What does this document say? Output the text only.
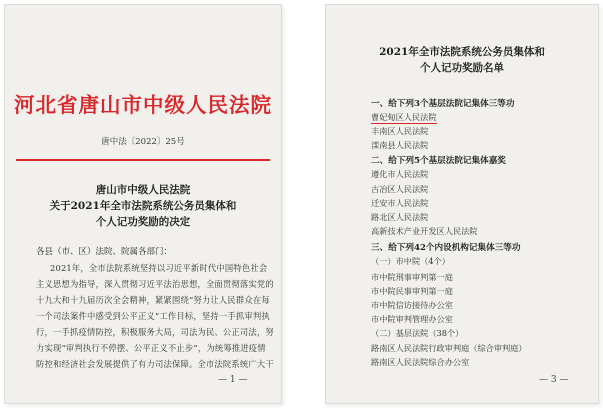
河北省唐山市中级人民法院
唐中法〔2022〕25号
唐山市中级人民法院
关于2021年全市法院系统公务员集体和
个人记功奖励的决定
各县（市、区）法院、院属各部门：
2021年，全市法院系统坚持以习近平新时代中国特色社会
主义思想为指导，深入贯彻习近平法治思想，全面贯彻落实党的
十九大和十九届历次全会精神，紧紧围绕“努力让人民群众在每
一个司法案件中感受到公平正义”工作目标，坚持一手抓审判执
行，一手抓疫情防控，积极服务大局，司法为民、公正司法，努
力实现“审判执行不停摆、公平正义不止步”，为统筹推进疫情
防控和经济社会发展提供了有力司法保障。全市法院系统广大干
— 1 —
2021年全市法院系统公务员集体和
个人记功奖励名单
一、给下列3个基层法院记集体三等功
曹妃甸区人民法院
丰南区人民法院
滦南县人民法院
二、给下列5个基层法院记集体嘉奖
遵化市人民法院
古冶区人民法院
迁安市人民法院
路北区人民法院
高新技术产业开发区人民法院
三、给下列42个内设机构记集体三等功
（一）市中院（4个）
市中院刑事审判第一庭
市中院民事审判第一庭
市中院信访接待办公室
市中院审判管理办公室
（二）基层法院（38个）
路南区人民法院行政审判庭（综合审判庭）
路南区人民法院综合办公室
— 3 —
